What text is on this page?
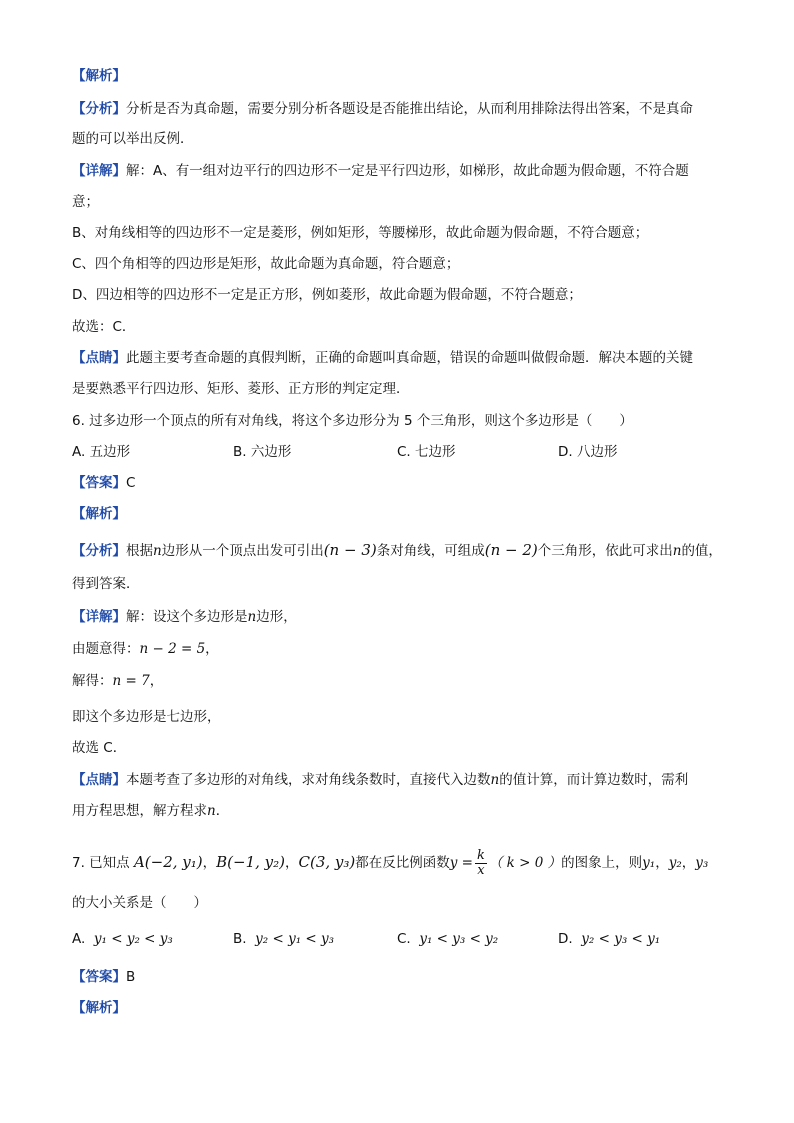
【解析】
【分析】分析是否为真命题，需要分别分析各题设是否能推出结论，从而利用排除法得出答案，不是真命
题的可以举出反例．
【详解】解：A、有一组对边平行的四边形不一定是平行四边形，如梯形，故此命题为假命题，不符合题
意；
B、对角线相等的四边形不一定是菱形，例如矩形，等腰梯形，故此命题为假命题，不符合题意；
C、四个角相等的四边形是矩形，故此命题为真命题，符合题意；
D、四边相等的四边形不一定是正方形，例如菱形，故此命题为假命题，不符合题意；
故选：C．
【点睛】此题主要考查命题的真假判断，正确的命题叫真命题，错误的命题叫做假命题．解决本题的关键
是要熟悉平行四边形、矩形、菱形、正方形的判定定理．
6. 过多边形一个顶点的所有对角线，将这个多边形分为 5 个三角形，则这个多边形是（　　）
A. 五边形	B. 六边形	C. 七边形	D. 八边形
【答案】C
【解析】
【分析】根据n边形从一个顶点出发可引出(n − 3)条对角线，可组成(n − 2)个三角形，依此可求出n的值，
得到答案．
【详解】解：设这个多边形是n边形，
由题意得：n − 2 = 5，
解得：n = 7，
即这个多边形是七边形，
故选 C．
【点睛】本题考查了多边形的对角线，求对角线条数时，直接代入边数n的值计算，而计算边数时，需利
用方程思想，解方程求n．
7. 已知点 A(−2, y₁)，B(−1, y₂)，C(3, y₃)都在反比例函数$y = \frac{k}{x}$ （ k > 0 ）的图象上，则y₁，y₂，y₃
的大小关系是（　　）
A. y₁ < y₂ < y₃	B. y₂ < y₁ < y₃	C. y₁ < y₃ < y₂	D. y₂ < y₃ < y₁
【答案】B
【解析】
